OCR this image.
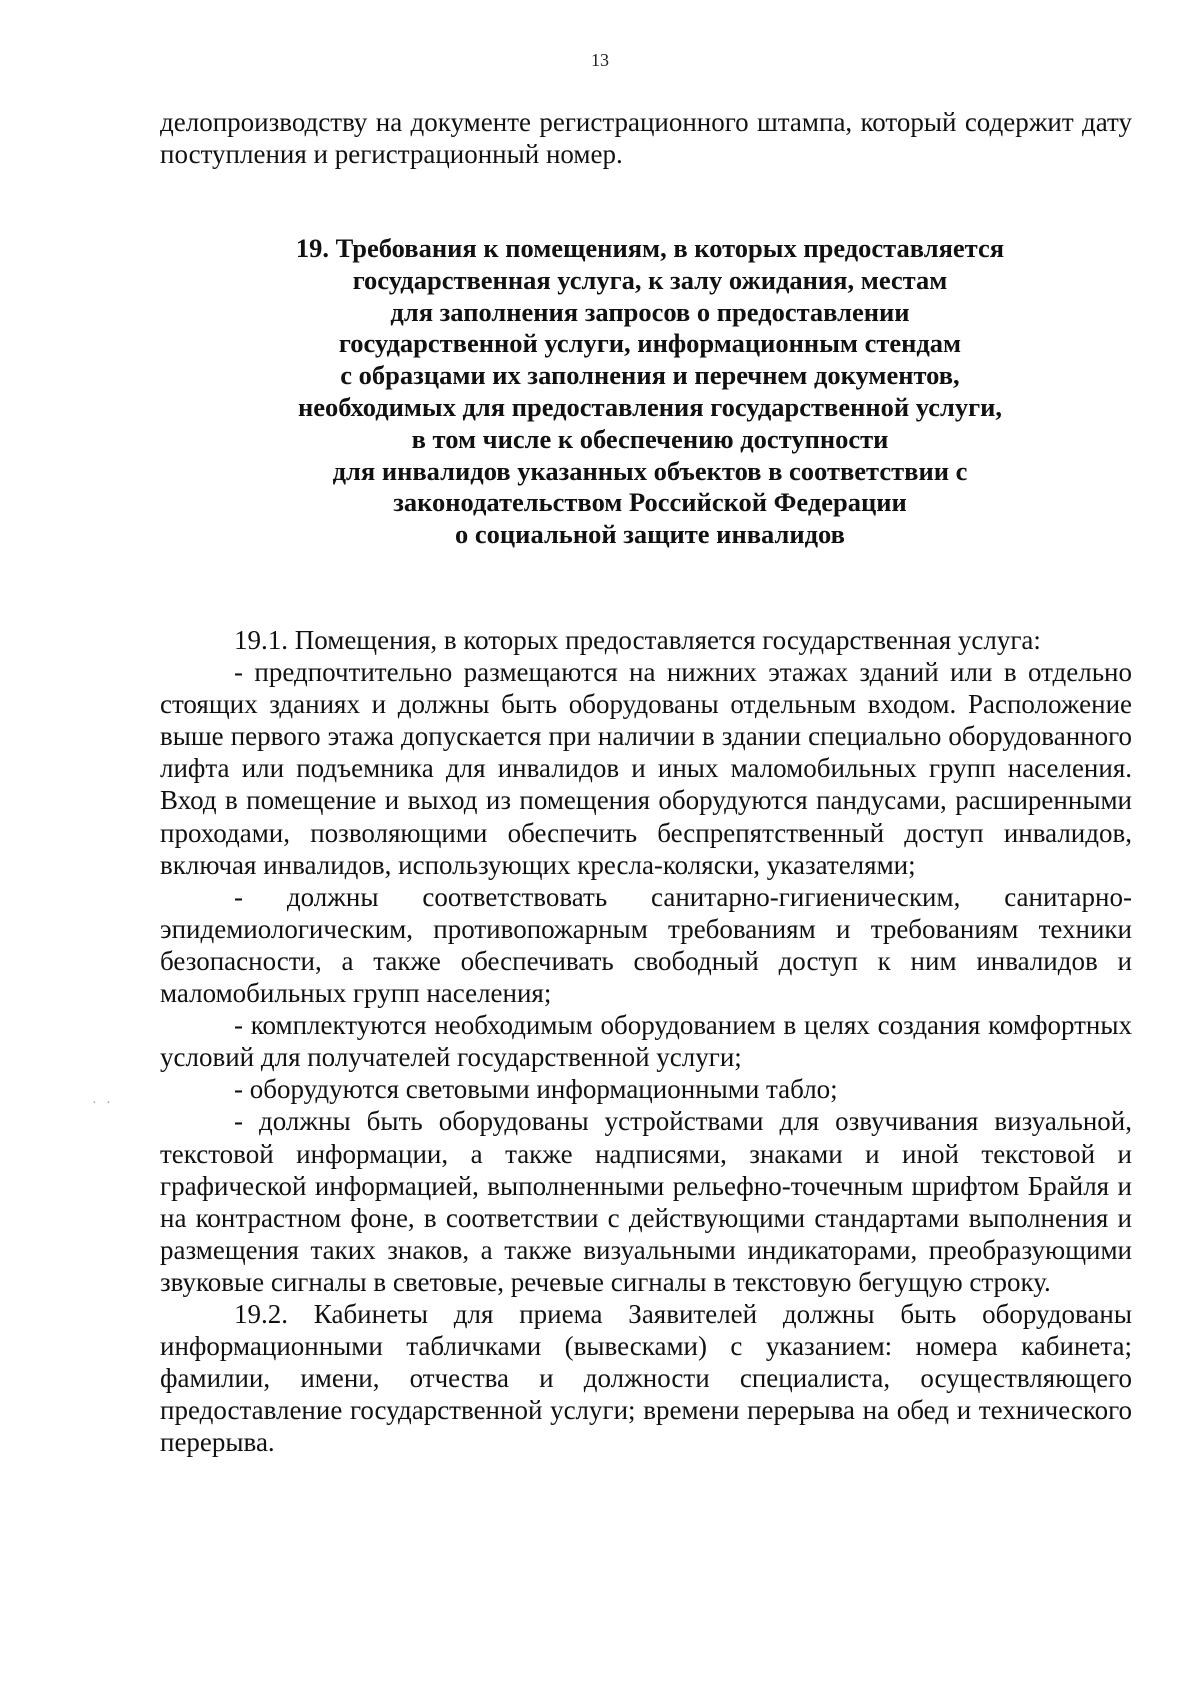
13
делопроизводству на документе регистрационного штампа, который содержит дату поступления и регистрационный номер.
19. Требования к помещениям, в которых предоставляется
государственная услуга, к залу ожидания, местам
для заполнения запросов о предоставлении
государственной услуги, информационным стендам
с образцами их заполнения и перечнем документов,
необходимых для предоставления государственной услуги,
в том числе к обеспечению доступности
для инвалидов указанных объектов в соответствии с
законодательством Российской Федерации
о социальной защите инвалидов

19.1. Помещения, в которых предоставляется государственная услуга:

- предпочтительно размещаются на нижних этажах зданий или в отдельно стоящих зданиях и должны быть оборудованы отдельным входом. Расположение выше первого этажа допускается при наличии в здании специально оборудованного лифта или подъемника для инвалидов и иных маломобильных групп населения. Вход в помещение и выход из помещения оборудуются пандусами, расширенными проходами, позволяющими обеспечить беспрепятственный доступ инвалидов, включая инвалидов, использующих кресла-коляски, указателями;

- должны соответствовать санитарно-гигиеническим, санитарно-эпидемиологическим, противопожарным требованиям и требованиям техники безопасности, а также обеспечивать свободный доступ к ним инвалидов и маломобильных групп населения;

- комплектуются необходимым оборудованием в целях создания комфортных условий для получателей государственной услуги;

- оборудуются световыми информационными табло;

- должны быть оборудованы устройствами для озвучивания визуальной, текстовой информации, а также надписями, знаками и иной текстовой и графической информацией, выполненными рельефно-точечным шрифтом Брайля и на контрастном фоне, в соответствии с действующими стандартами выполнения и размещения таких знаков, а также визуальными индикаторами, преобразующими звуковые сигналы в световые, речевые сигналы в текстовую бегущую строку.

19.2. Кабинеты для приема Заявителей должны быть оборудованы информационными табличками (вывесками) с указанием: номера кабинета; фамилии, имени, отчества и должности специалиста, осуществляющего предоставление государственной услуги; времени перерыва на обед и технического перерыва.

· ·
